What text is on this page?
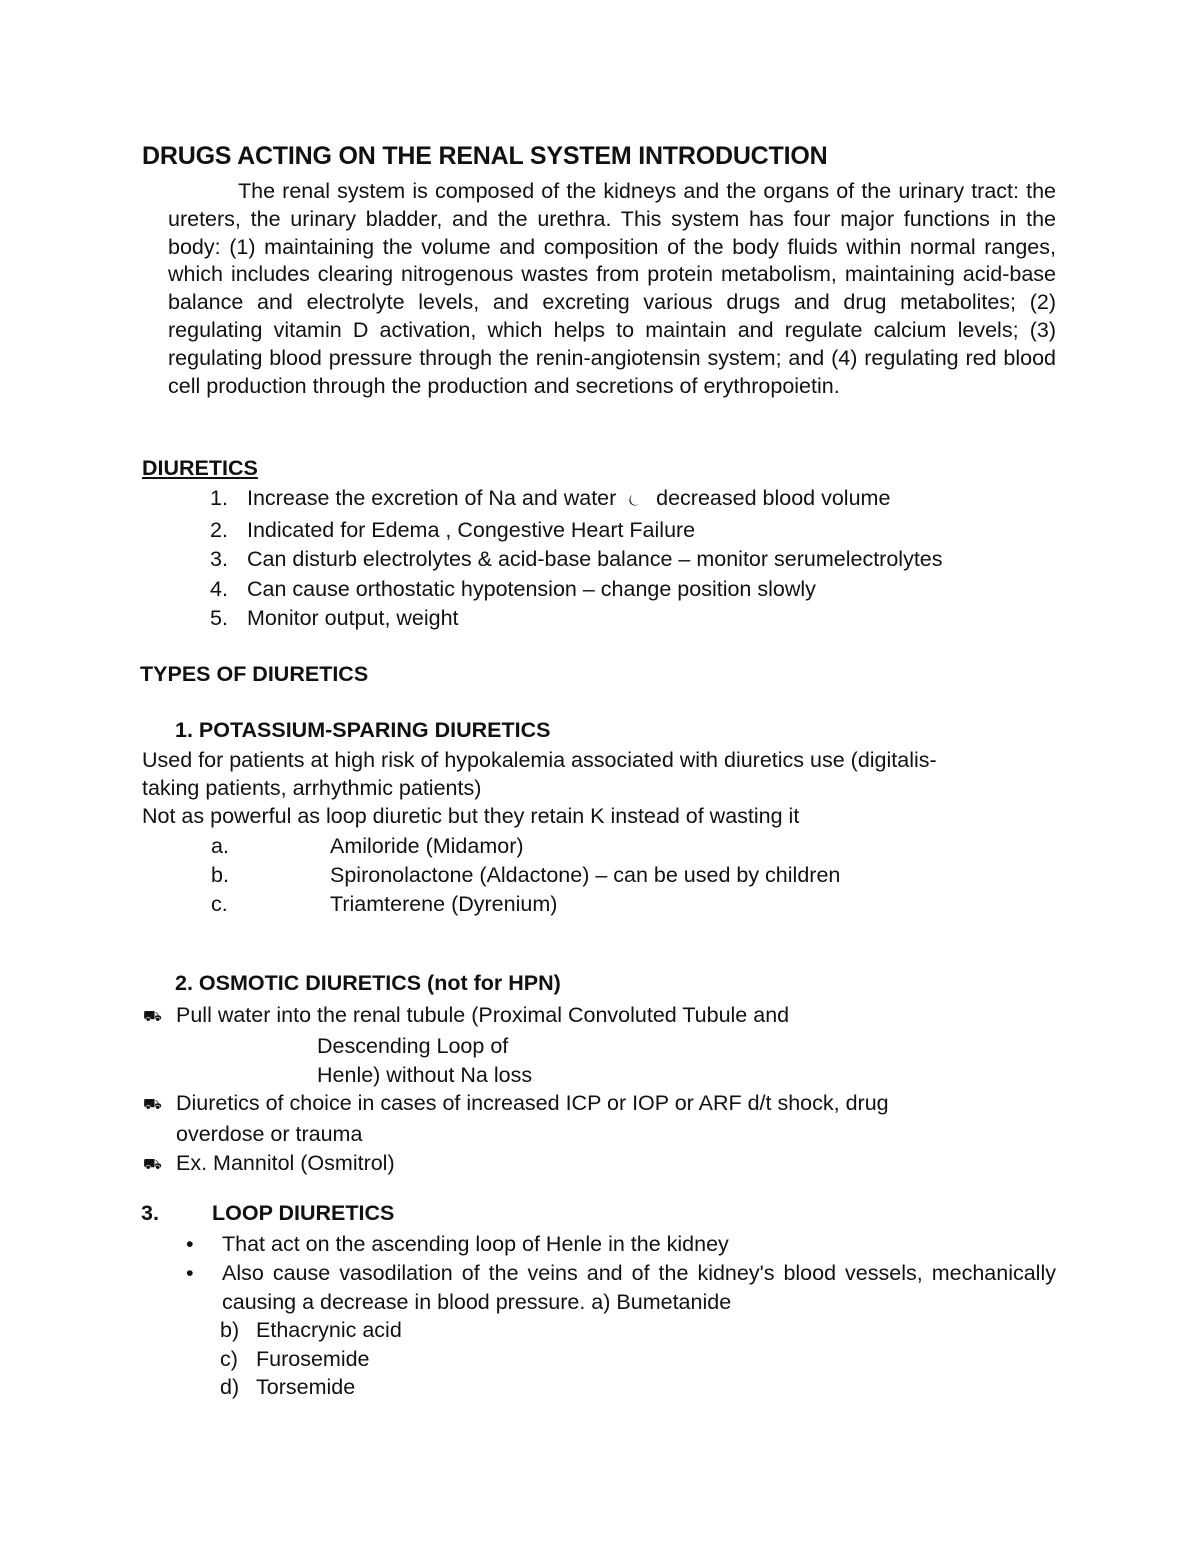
DRUGS ACTING ON THE RENAL SYSTEM INTRODUCTION
The renal system is composed of the kidneys and the organs of the urinary tract: the ureters, the urinary bladder, and the urethra. This system has four major functions in the body: (1) maintaining the volume and composition of the body fluids within normal ranges, which includes clearing nitrogenous wastes from protein metabolism, maintaining acid-base balance and electrolyte levels, and excreting various drugs and drug metabolites; (2) regulating vitamin D activation, which helps to maintain and regulate calcium levels; (3) regulating blood pressure through the renin-angiotensin system; and (4) regulating red blood cell production through the production and secretions of erythropoietin.
DIURETICS
1. Increase the excretion of Na and water ⏾ decreased blood volume
2. Indicated for Edema , Congestive Heart Failure
3. Can disturb electrolytes & acid-base balance – monitor serumelectrolytes
4. Can cause orthostatic hypotension – change position slowly
5. Monitor output, weight
TYPES OF DIURETICS
1. POTASSIUM-SPARING DIURETICS
Used for patients at high risk of hypokalemia associated with diuretics use (digitalis-
taking patients, arrhythmic patients)
Not as powerful as loop diuretic but they retain K instead of wasting it
a.	Amiloride (Midamor)
b.	Spironolactone (Aldactone) – can be used by children
c.	Triamterene (Dyrenium)
2. OSMOTIC DIURETICS (not for HPN)
⛟ Pull water into the renal tubule (Proximal Convoluted Tubule and
Descending Loop of
Henle) without Na loss
⛟ Diuretics of choice in cases of increased ICP or IOP or ARF d/t shock, drug
overdose or trauma
⛟ Ex. Mannitol (Osmitrol)
3. LOOP DIURETICS
•	That act on the ascending loop of Henle in the kidney
•	Also cause vasodilation of the veins and of the kidney's blood vessels, mechanically causing a decrease in blood pressure. a) Bumetanide
b) Ethacrynic acid
c) Furosemide
d) Torsemide
